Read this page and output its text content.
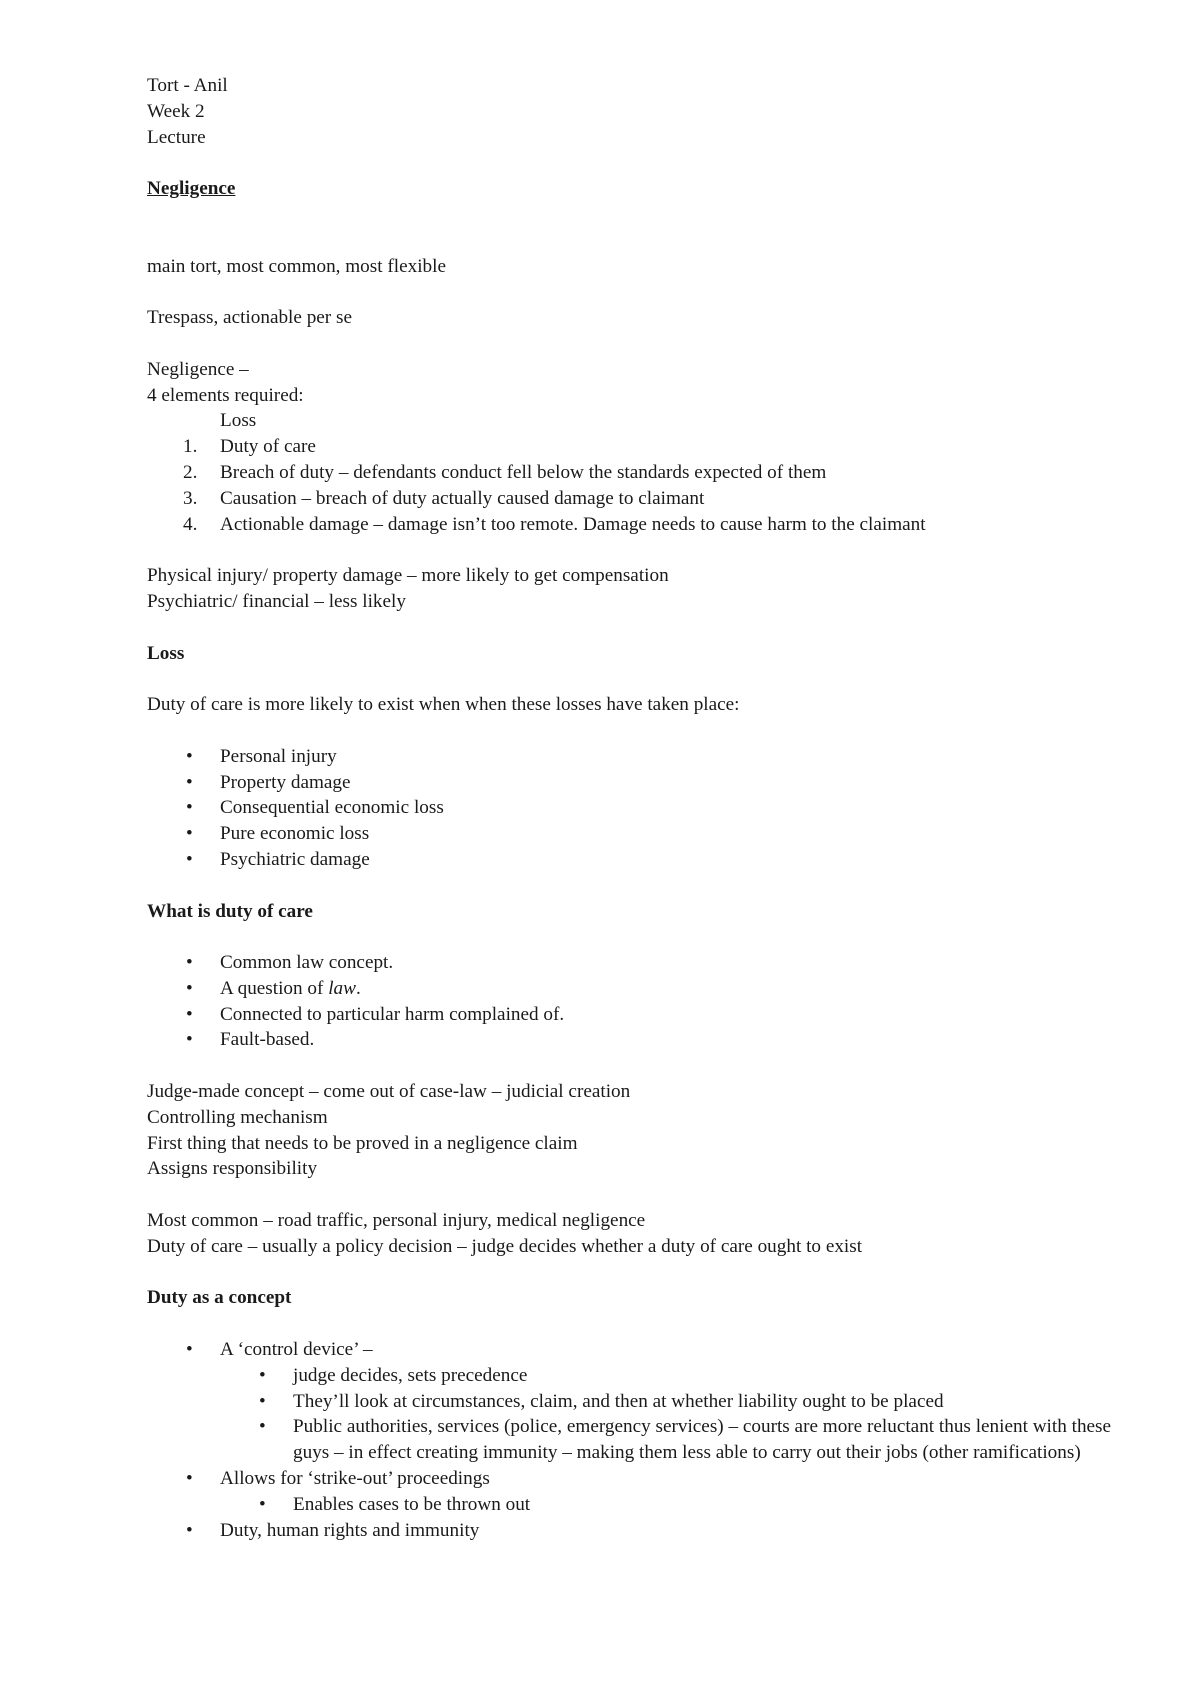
Tort - Anil
Week 2
Lecture
Negligence
main tort, most common, most flexible
Trespass, actionable per se
Negligence –
4 elements required:
Loss
1. Duty of care
2. Breach of duty – defendants conduct fell below the standards expected of them
3. Causation – breach of duty actually caused damage to claimant
4. Actionable damage – damage isn’t too remote. Damage needs to cause harm to the claimant
Physical injury/ property damage – more likely to get compensation
Psychiatric/ financial – less likely
Loss
Duty of care is more likely to exist when when these losses have taken place:
• Personal injury
• Property damage
• Consequential economic loss
• Pure economic loss
• Psychiatric damage
What is duty of care
• Common law concept.
• A question of law.
• Connected to particular harm complained of.
• Fault-based.
Judge-made concept – come out of case-law – judicial creation
Controlling mechanism
First thing that needs to be proved in a negligence claim
Assigns responsibility
Most common – road traffic, personal injury, medical negligence
Duty of care – usually a policy decision – judge decides whether a duty of care ought to exist
Duty as a concept
• A ‘control device’ –
• judge decides, sets precedence
• They’ll look at circumstances, claim, and then at whether liability ought to be placed
• Public authorities, services (police, emergency services) – courts are more reluctant thus lenient with these guys – in effect creating immunity – making them less able to carry out their jobs (other ramifications)
• Allows for ‘strike-out’ proceedings
• Enables cases to be thrown out
• Duty, human rights and immunity
